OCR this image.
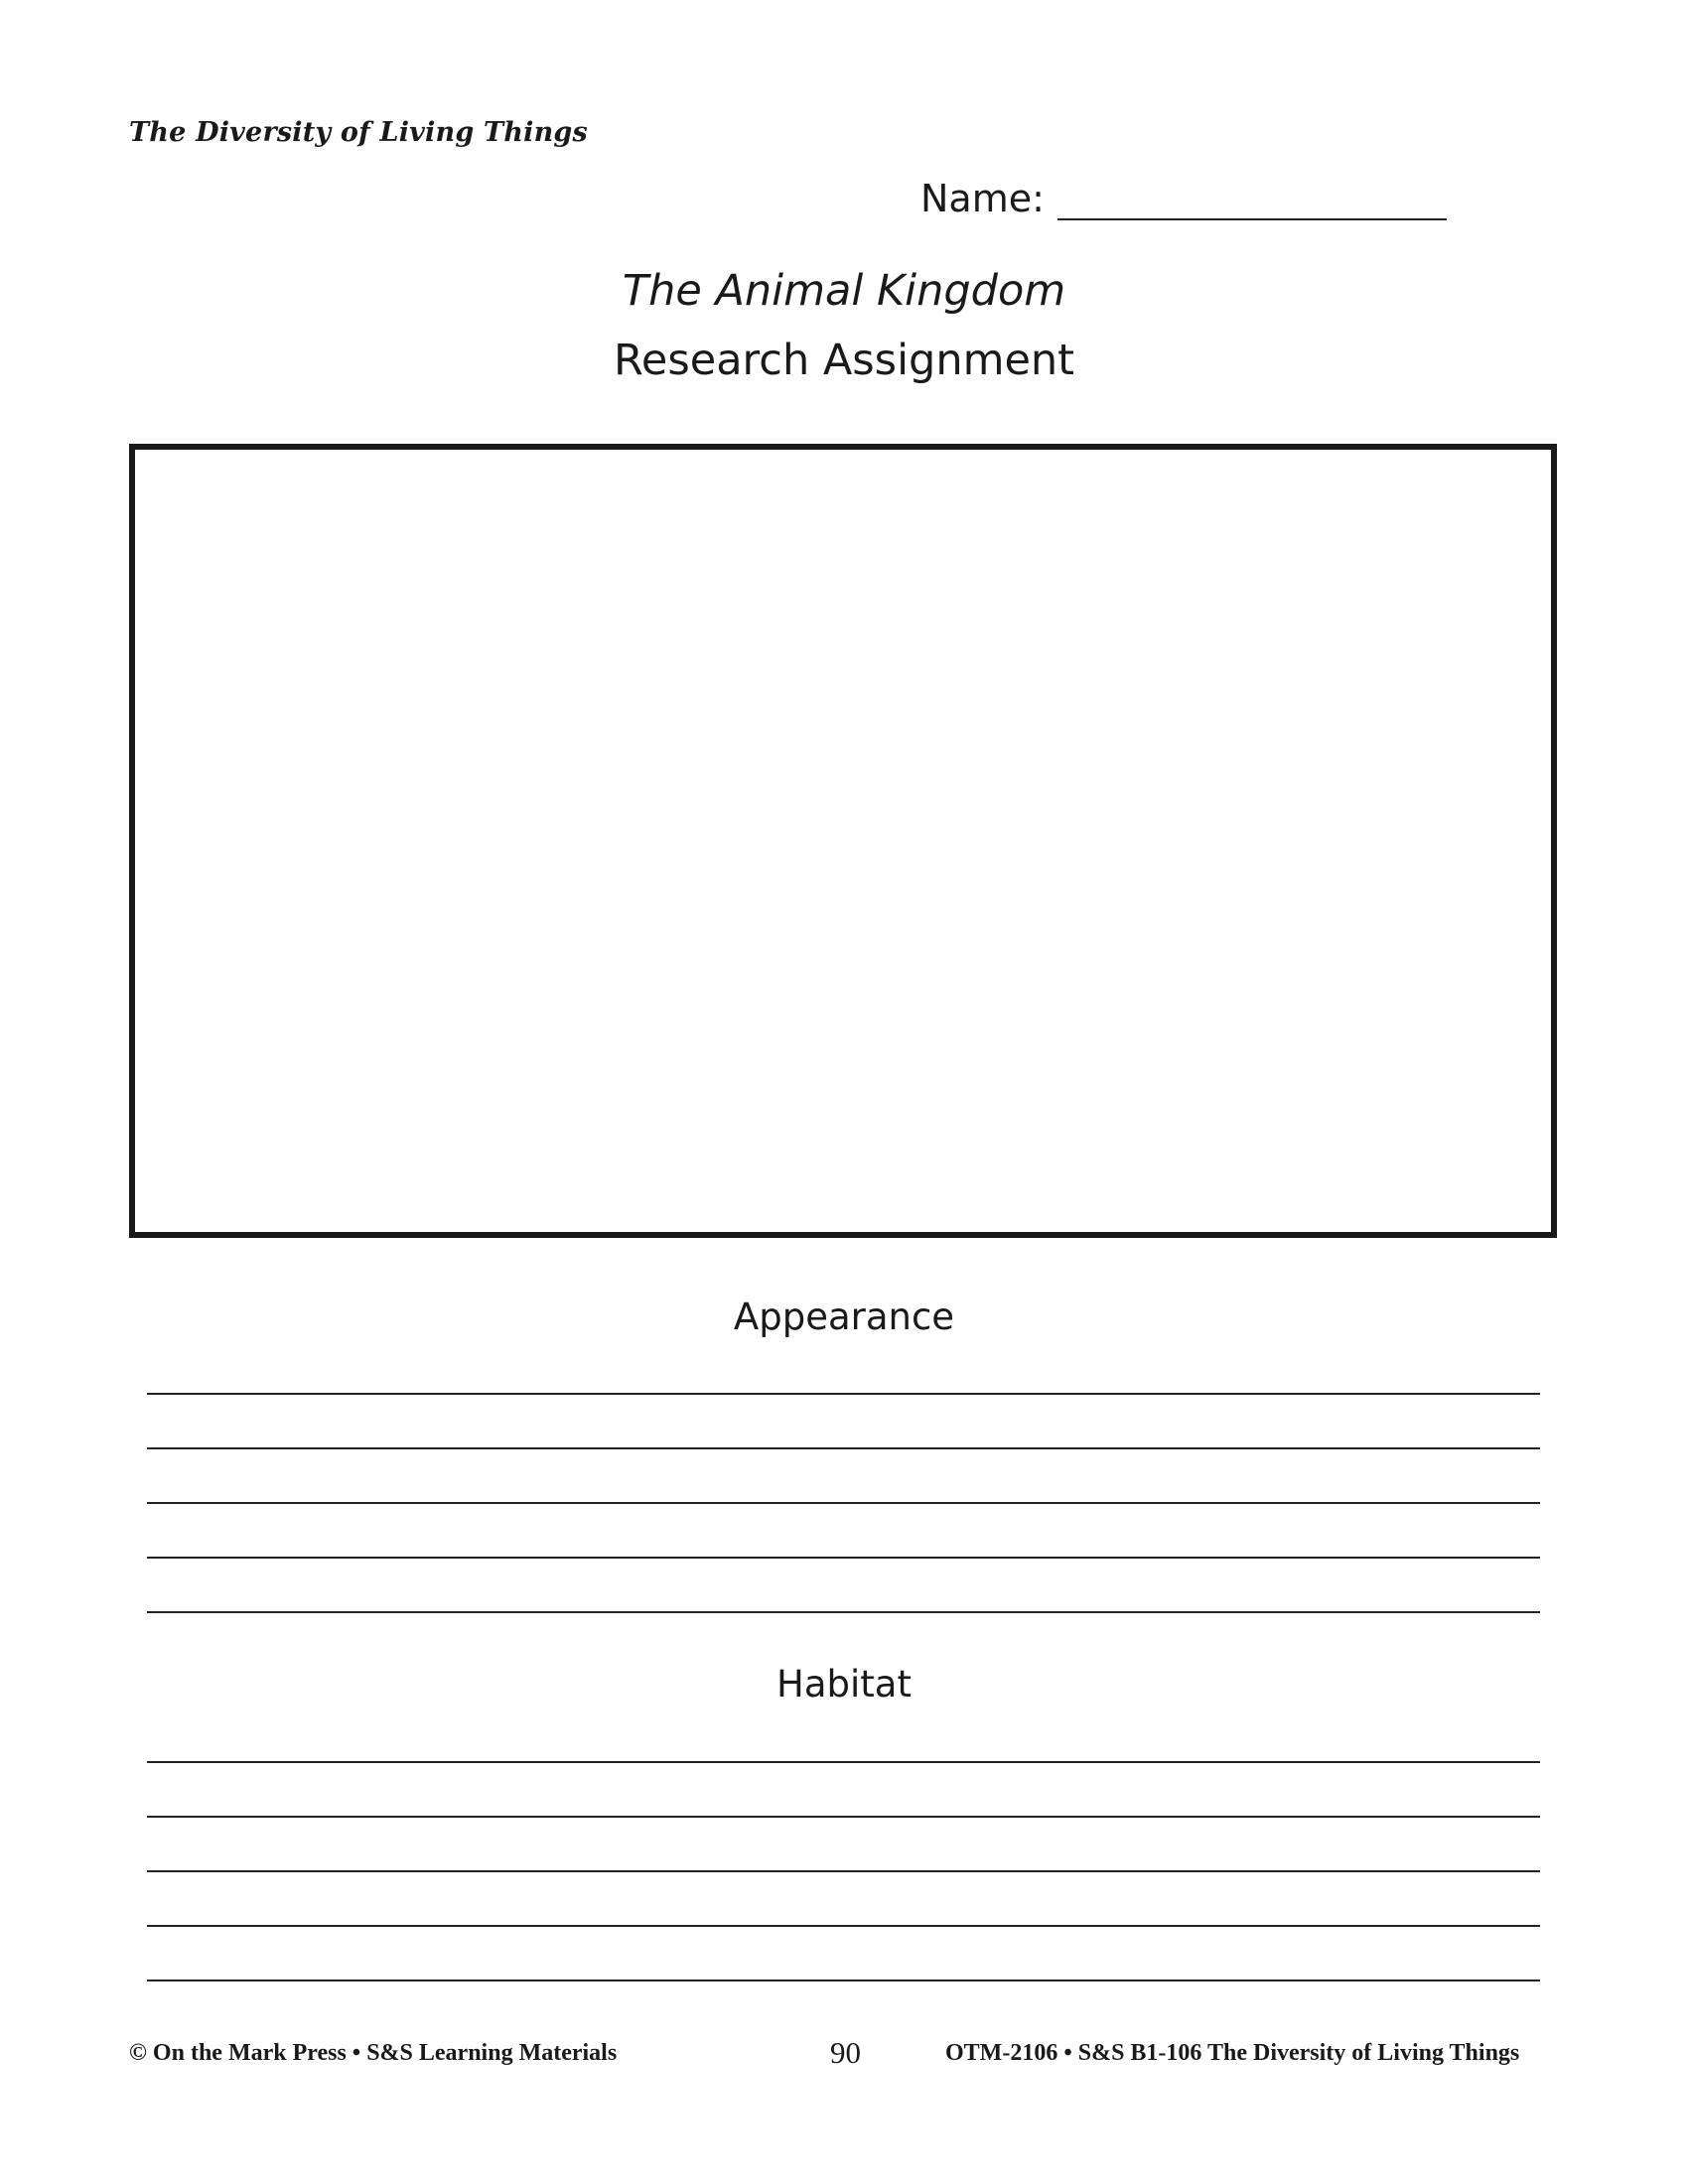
The Diversity of Living Things
Name:
The Animal Kingdom
Research Assignment
Appearance
Habitat
© On the Mark Press • S&S Learning Materials	90	OTM-2106 • S&S B1-106 The Diversity of Living Things
